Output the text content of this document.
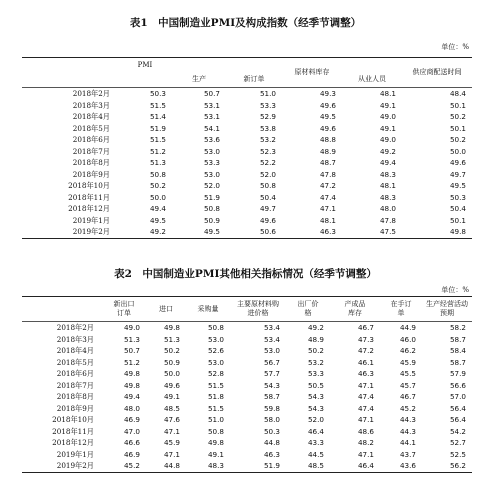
表1　中国制造业PMI及构成指数（经季节调整）
单位：%
	PMI	生产	新订单	原材料库存	从业人员	供应商配送时间
2018年2月	50.3	50.7	51.0	49.3	48.1	48.4
2018年3月	51.5	53.1	53.3	49.6	49.1	50.1
2018年4月	51.4	53.1	52.9	49.5	49.0	50.2
2018年5月	51.9	54.1	53.8	49.6	49.1	50.1
2018年6月	51.5	53.6	53.2	48.8	49.0	50.2
2018年7月	51.2	53.0	52.3	48.9	49.2	50.0
2018年8月	51.3	53.3	52.2	48.7	49.4	49.6
2018年9月	50.8	53.0	52.0	47.8	48.3	49.7
2018年10月	50.2	52.0	50.8	47.2	48.1	49.5
2018年11月	50.0	51.9	50.4	47.4	48.3	50.3
2018年12月	49.4	50.8	49.7	47.1	48.0	50.4
2019年1月	49.5	50.9	49.6	48.1	47.8	50.1
2019年2月	49.2	49.5	50.6	46.3	47.5	49.8
表2　中国制造业PMI其他相关指标情况（经季节调整）
单位：%
	新出口订单	进口	采购量	主要原材料购进价格	出厂价格	产成品库存	在手订单	生产经营活动预期
2018年2月	49.0	49.8	50.8	53.4	49.2	46.7	44.9	58.2
2018年3月	51.3	51.3	53.0	53.4	48.9	47.3	46.0	58.7
2018年4月	50.7	50.2	52.6	53.0	50.2	47.2	46.2	58.4
2018年5月	51.2	50.9	53.0	56.7	53.2	46.1	45.9	58.7
2018年6月	49.8	50.0	52.8	57.7	53.3	46.3	45.5	57.9
2018年7月	49.8	49.6	51.5	54.3	50.5	47.1	45.7	56.6
2018年8月	49.4	49.1	51.8	58.7	54.3	47.4	46.7	57.0
2018年9月	48.0	48.5	51.5	59.8	54.3	47.4	45.2	56.4
2018年10月	46.9	47.6	51.0	58.0	52.0	47.1	44.3	56.4
2018年11月	47.0	47.1	50.8	50.3	46.4	48.6	44.3	54.2
2018年12月	46.6	45.9	49.8	44.8	43.3	48.2	44.1	52.7
2019年1月	46.9	47.1	49.1	46.3	44.5	47.1	43.7	52.5
2019年2月	45.2	44.8	48.3	51.9	48.5	46.4	43.6	56.2
